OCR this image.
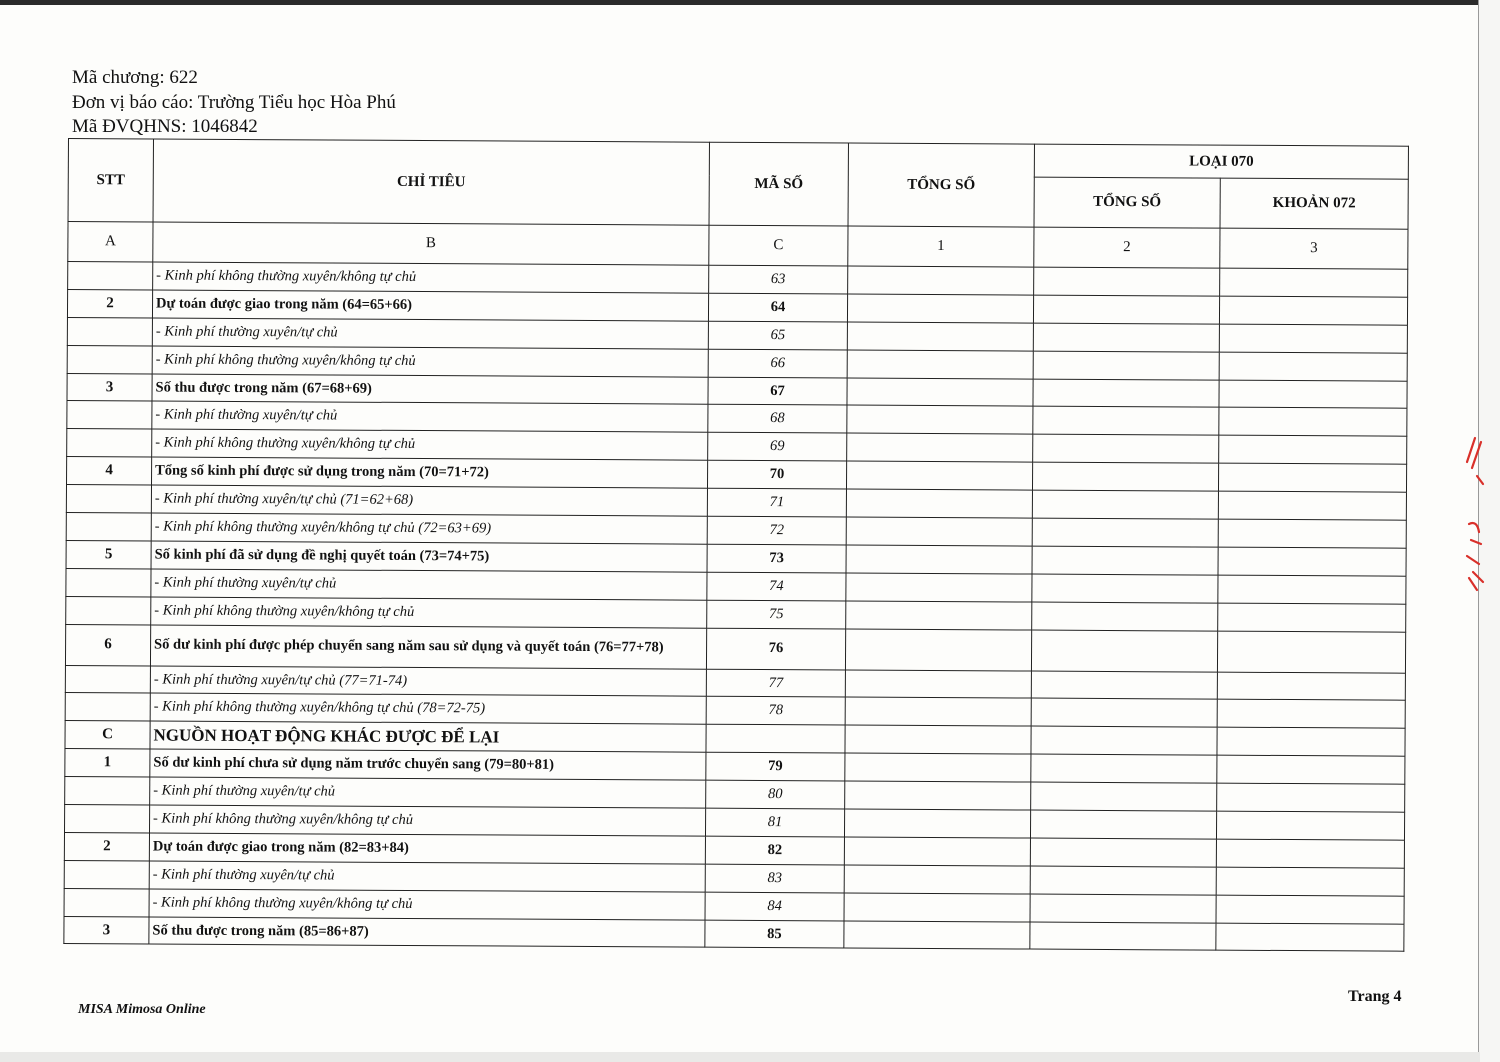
Mã chương: 622
Đơn vị báo cáo: Trường Tiểu học Hòa Phú
Mã ĐVQHNS: 1046842
STT	CHỈ TIÊU	MÃ SỐ	TỔNG SỐ	LOẠI 070	
				TỔNG SỐ	KHOẢN 072
A	B	C	1	2	3
	- Kinh phí không thường xuyên/không tự chủ	63			
2	Dự toán được giao trong năm (64=65+66)	64			
	- Kinh phí thường xuyên/tự chủ	65			
	- Kinh phí không thường xuyên/không tự chủ	66			
3	Số thu được trong năm (67=68+69)	67			
	- Kinh phí thường xuyên/tự chủ	68			
	- Kinh phí không thường xuyên/không tự chủ	69			
4	Tổng số kinh phí được sử dụng trong năm (70=71+72)	70			
	- Kinh phí thường xuyên/tự chủ (71=62+68)	71			
	- Kinh phí không thường xuyên/không tự chủ (72=63+69)	72			
5	Số kinh phí đã sử dụng đề nghị quyết toán (73=74+75)	73			
	- Kinh phí thường xuyên/tự chủ	74			
	- Kinh phí không thường xuyên/không tự chủ	75			
6	Số dư kinh phí được phép chuyển sang năm sau sử dụng và quyết toán (76=77+78)	76			
	- Kinh phí thường xuyên/tự chủ (77=71-74)	77			
	- Kinh phí không thường xuyên/không tự chủ (78=72-75)	78			
C	NGUỒN HOẠT ĐỘNG KHÁC ĐƯỢC ĐỂ LẠI				
1	Số dư kinh phí chưa sử dụng năm trước chuyển sang (79=80+81)	79			
	- Kinh phí thường xuyên/tự chủ	80			
	- Kinh phí không thường xuyên/không tự chủ	81			
2	Dự toán được giao trong năm (82=83+84)	82			
	- Kinh phí thường xuyên/tự chủ	83			
	- Kinh phí không thường xuyên/không tự chủ	84			
3	Số thu được trong năm (85=86+87)	85			
MISA Mimosa Online
Trang 4
